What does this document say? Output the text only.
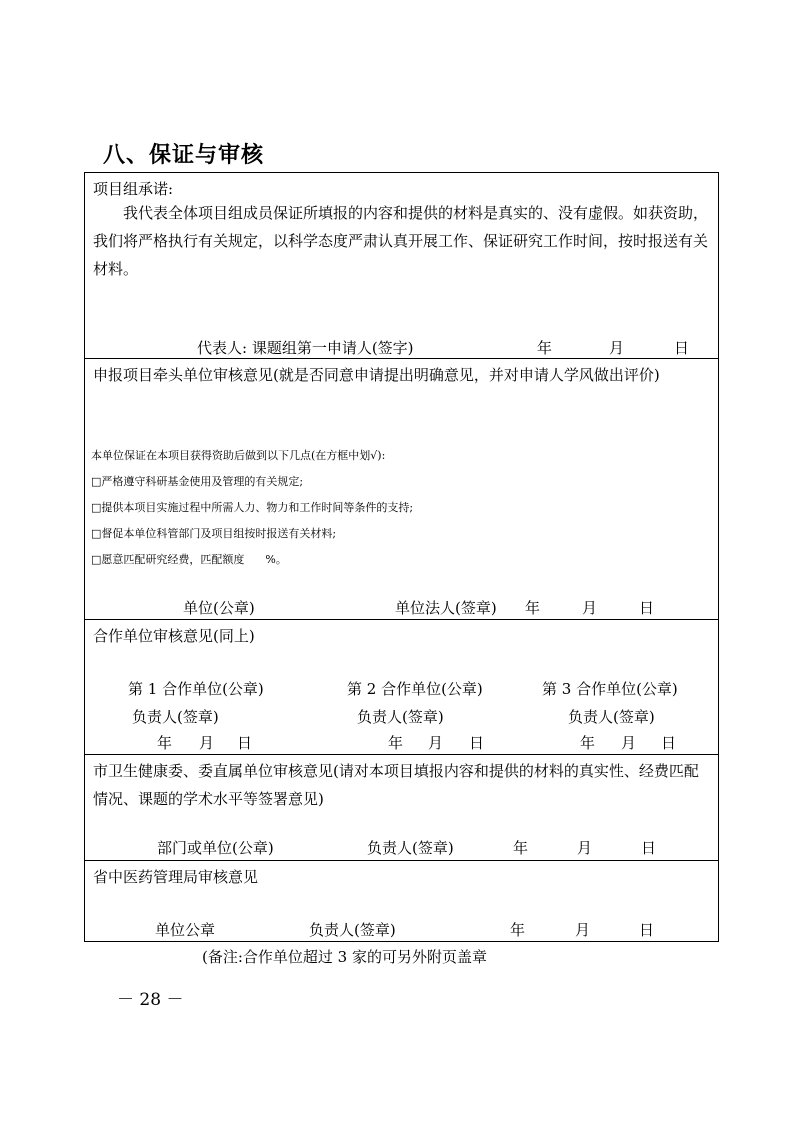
八、保证与审核
项目组承诺:
我代表全体项目组成员保证所填报的内容和提供的材料是真实的、没有虚假。如获资助，我们将严格执行有关规定，以科学态度严肃认真开展工作、保证研究工作时间，按时报送有关材料。
代表人: 课题组第一申请人(签字)	年	月	日

申报项目牵头单位审核意见(就是否同意申请提出明确意见，并对申请人学风做出评价)
本单位保证在本项目获得资助后做到以下几点(在方框中划√):
□严格遵守科研基金使用及管理的有关规定;
□提供本项目实施过程中所需人力、物力和工作时间等条件的支持;
□督促本单位科管部门及项目组按时报送有关材料;
□愿意匹配研究经费，匹配额度      %。
单位(公章)	单位法人(签章) 年	月	日

合作单位审核意见(同上)
第 1 合作单位(公章)
负责人(签章)
年 月 日
第 2 合作单位(公章)
负责人(签章)
年 月 日
第 3 合作单位(公章)
负责人(签章)
年 月 日

市卫生健康委、委直属单位审核意见(请对本项目填报内容和提供的材料的真实性、经费匹配情况、课题的学术水平等签署意见)
部门或单位(公章)	负责人(签章)	年	月	日

省中医药管理局审核意见
单位公章	负责人(签章)	年	月	日
(备注:合作单位超过 3 家的可另外附页盖章
－ 28 －
